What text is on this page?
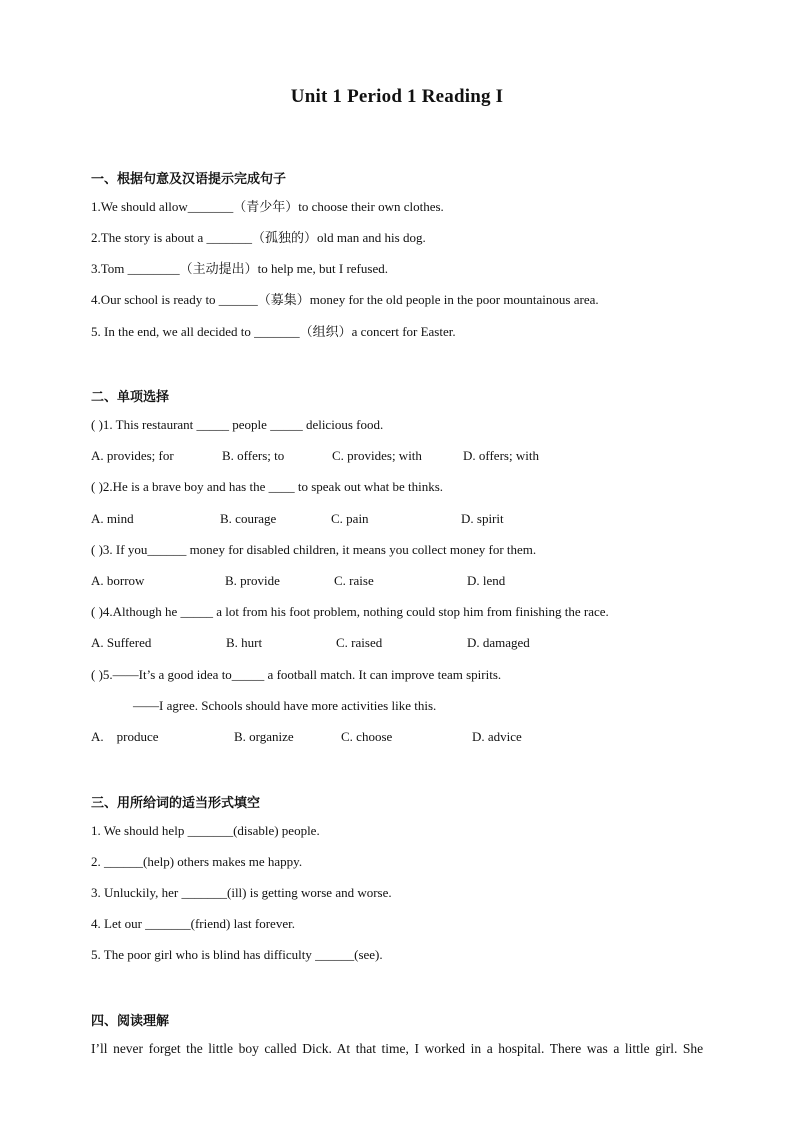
Unit 1 Period 1 Reading I
一、根据句意及汉语提示完成句子
1.We should allow_______（青少年）to choose their own clothes.
2.The story is about a _______（孤独的）old man and his dog.
3.Tom ________（主动提出）to help me, but I refused.
4.Our school is ready to ______（募集）money for the old people in the poor mountainous area.
5. In the end, we all decided to _______（组织）a concert for Easter.
二、单项选择
( )1. This restaurant _____ people _____ delicious food.
A. provides; for	B. offers; to	C. provides; with	D. offers; with
( )2.He is a brave boy and has the ____ to speak out what be thinks.
A. mind	B. courage	C. pain	D. spirit
( )3. If you______ money for disabled children, it means you collect money for them.
A. borrow	B. provide	C. raise	D. lend
( )4.Although he _____ a lot from his foot problem, nothing could stop him from finishing the race.
A. Suffered	B. hurt	C. raised	D. damaged
( )5.——It’s a good idea to_____ a football match. It can improve team spirits.
——I agree. Schools should have more activities like this.
A.    produce	B. organize	C. choose	D. advice
三、用所给词的适当形式填空
1. We should help _______(disable) people.
2. ______(help) others makes me happy.
3. Unluckily, her _______(ill) is getting worse and worse.
4. Let our _______(friend) last forever.
5. The poor girl who is blind has difficulty ______(see).
四、阅读理解
I’ll never forget the little boy called Dick. At that time, I worked in a hospital. There was a little girl. She
